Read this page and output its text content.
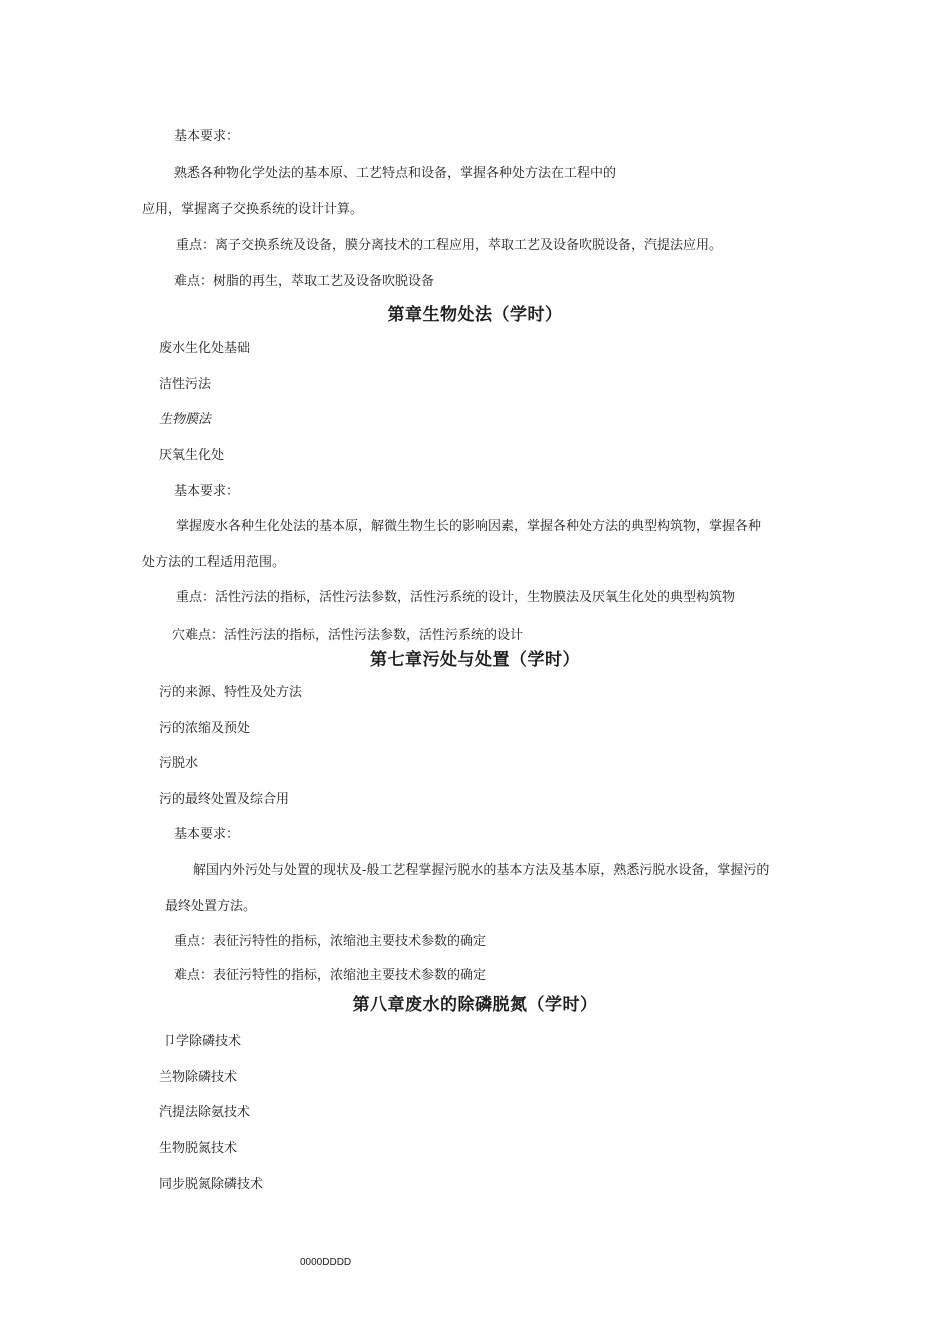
基本要求：
熟悉各种物化学处法的基本原、工艺特点和设备，掌握各种处方法在工程中的
应用，掌握离子交换系统的设计计算。
重点：离子交换系统及设备，膜分离技术的工程应用，萃取工艺及设备吹脱设备，汽提法应用。
难点：树脂的再生，萃取工艺及设备吹脱设备
第章生物处法（学时）
废水生化处基础
洁性污法
生物膜法
厌氧生化处
基本要求：
掌握废水各种生化处法的基本原，解微生物生长的影响因素，掌握各种处方法的典型构筑物，掌握各种
处方法的工程适用范围。
重点：活性污法的指标，活性污法参数，活性污系统的设计，生物膜法及厌氧生化处的典型构筑物
穴难点：活性污法的指标，活性污法参数，活性污系统的设计
第七章污处与处置（学时）
污的来源、特性及处方法
污的浓缩及预处
污脱水
污的最终处置及综合用
基本要求：
解国内外污处与处置的现状及-般工艺程掌握污脱水的基本方法及基本原，熟悉污脱水设备，掌握污的
最终处置方法。
重点：表征污特性的指标，浓缩池主要技术参数的确定
难点：表征污特性的指标，浓缩池主要技术参数的确定
第八章废水的除磷脱氮（学时）
卩学除磷技术
兰物除磷技术
汽提法除氨技术
生物脱氮技术
同步脱氮除磷技术
0000DDDD
